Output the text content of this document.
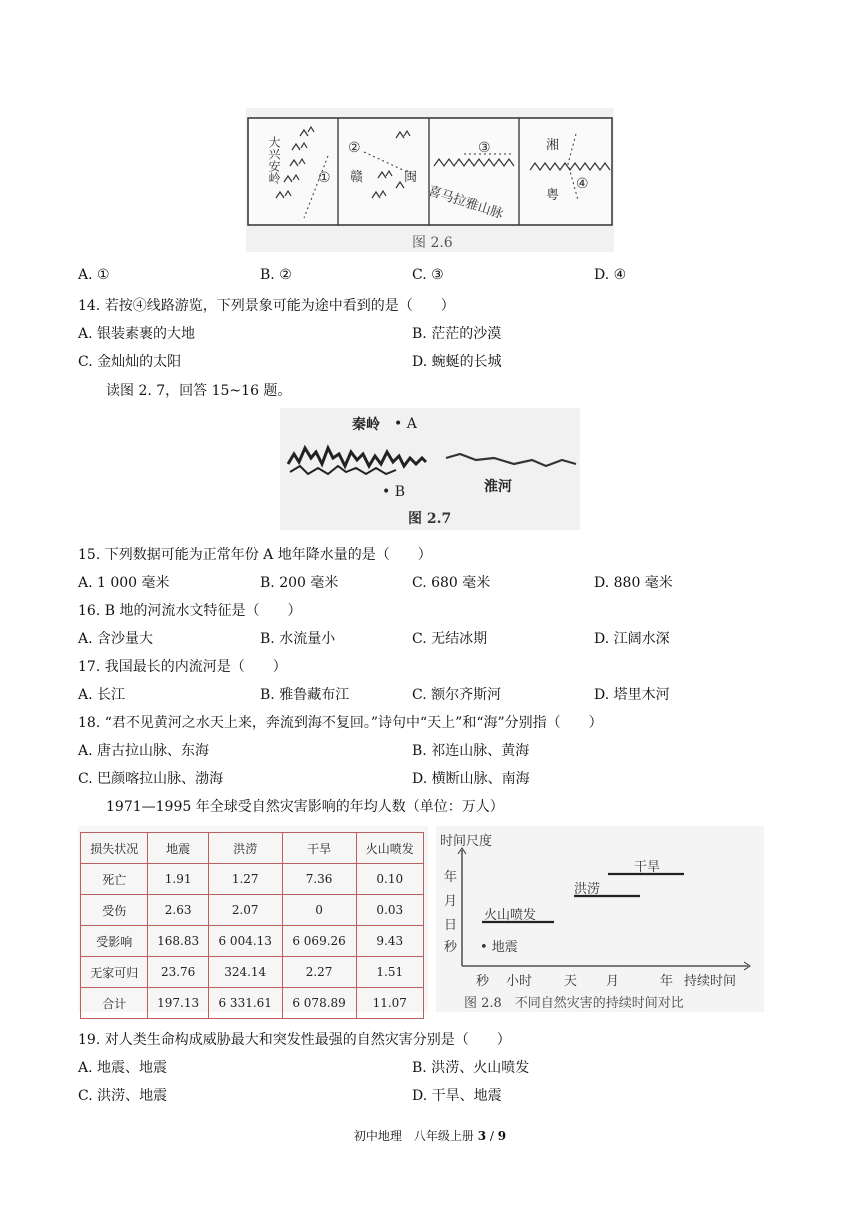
大兴安岭	①
②
赣	闽
③
喜马拉雅山脉
湘
粤
④
图 2.6
A. ①	B. ②	C. ③	D. ④
14. 若按④线路游览，下列景象可能为途中看到的是（　　）
A. 银装素裹的大地	B. 茫茫的沙漠
C. 金灿灿的太阳	D. 蜿蜒的长城
读图 2. 7，回答 15~16 题。
秦岭 • A
• B	淮河
图 2.7
15. 下列数据可能为正常年份 A 地年降水量的是（　　）
A. 1 000 毫米	B. 200 毫米	C. 680 毫米	D. 880 毫米
16. B 地的河流水文特征是（　　）
A. 含沙量大	B. 水流量小	C. 无结冰期	D. 江阔水深
17. 我国最长的内流河是（　　）
A. 长江	B. 雅鲁藏布江	C. 额尔齐斯河	D. 塔里木河
18. “君不见黄河之水天上来，奔流到海不复回。”诗句中“天上”和“海”分别指（　　）
A. 唐古拉山脉、东海	B. 祁连山脉、黄海
C. 巴颜喀拉山脉、渤海	D. 横断山脉、南海
1971—1995 年全球受自然灾害影响的年均人数（单位：万人）
损失状况	地震	洪涝	干旱	火山喷发
死亡	1.91	1.27	7.36	0.10
受伤	2.63	2.07	0	0.03
受影响	168.83	6 004.13	6 069.26	9.43
无家可归	23.76	324.14	2.27	1.51
合计	197.13	6 331.61	6 078.89	11.07
时间尺度
年
月
日
秒
干旱
洪涝
火山喷发
• 地震
秒 小时 天 月	年 持续时间
图 2.8　不同自然灾害的持续时间对比
19. 对人类生命构成威胁最大和突发性最强的自然灾害分别是（　　）
A. 地震、地震	B. 洪涝、火山喷发
C. 洪涝、地震	D. 干旱、地震
初中地理　八年级上册 3 / 9
